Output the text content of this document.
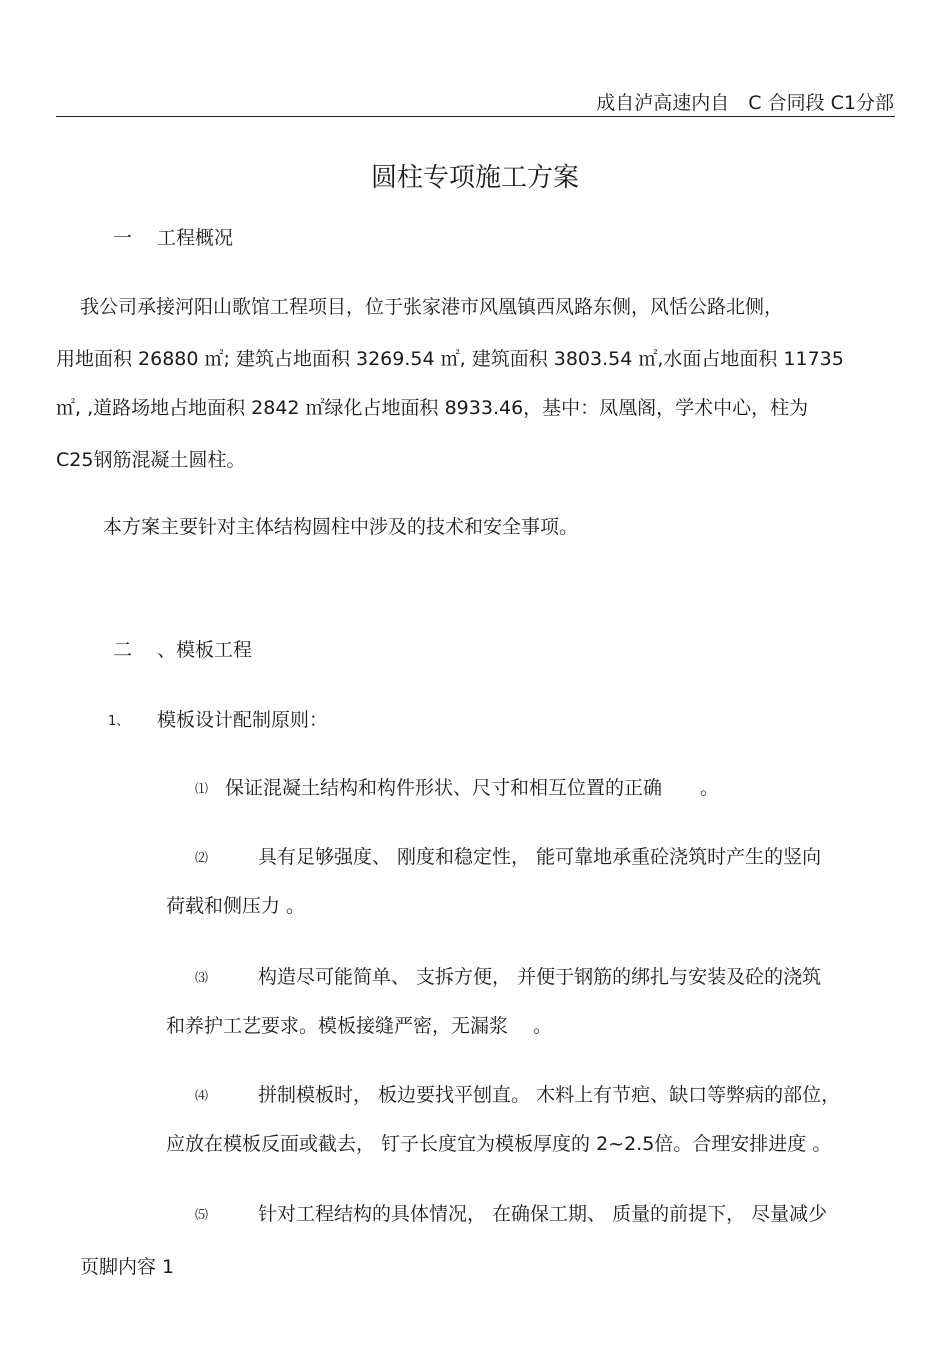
成自泸高速内自　C 合同段 C1分部
圆柱专项施工方案
一 工程概况
我公司承接河阳山歌馆工程项目，位于张家港市风凰镇西凤路东侧，风恬公路北侧，
用地面积 26880 ㎡; 建筑占地面积 3269.54 ㎡, 建筑面积 3803.54 ㎡,水面占地面积 11735
㎡, ,道路场地占地面积 2842 ㎡绿化占地面积 8933.46，基中：凤凰阁，学术中心，柱为
C25钢筋混凝土圆柱。
本方案主要针对主体结构圆柱中涉及的技术和安全事项。
二 、模板工程
1、 模板设计配制原则：
⑴ 保证混凝土结构和构件形状、尺寸和相互位置的正确　　。
⑵	具有足够强度、 刚度和稳定性， 能可靠地承重砼浇筑时产生的竖向
荷载和侧压力 。
⑶	构造尽可能简单、 支拆方便， 并便于钢筋的绑扎与安装及砼的浇筑
和养护工艺要求。模板接缝严密，无漏浆　 。
⑷	拼制模板时， 板边要找平刨直。 木料上有节疤、缺口等弊病的部位，
应放在模板反面或截去， 钉子长度宜为模板厚度的 2~2.5倍。合理安排进度 。
⑸	针对工程结构的具体情况， 在确保工期、 质量的前提下， 尽量减少
页脚内容 1
